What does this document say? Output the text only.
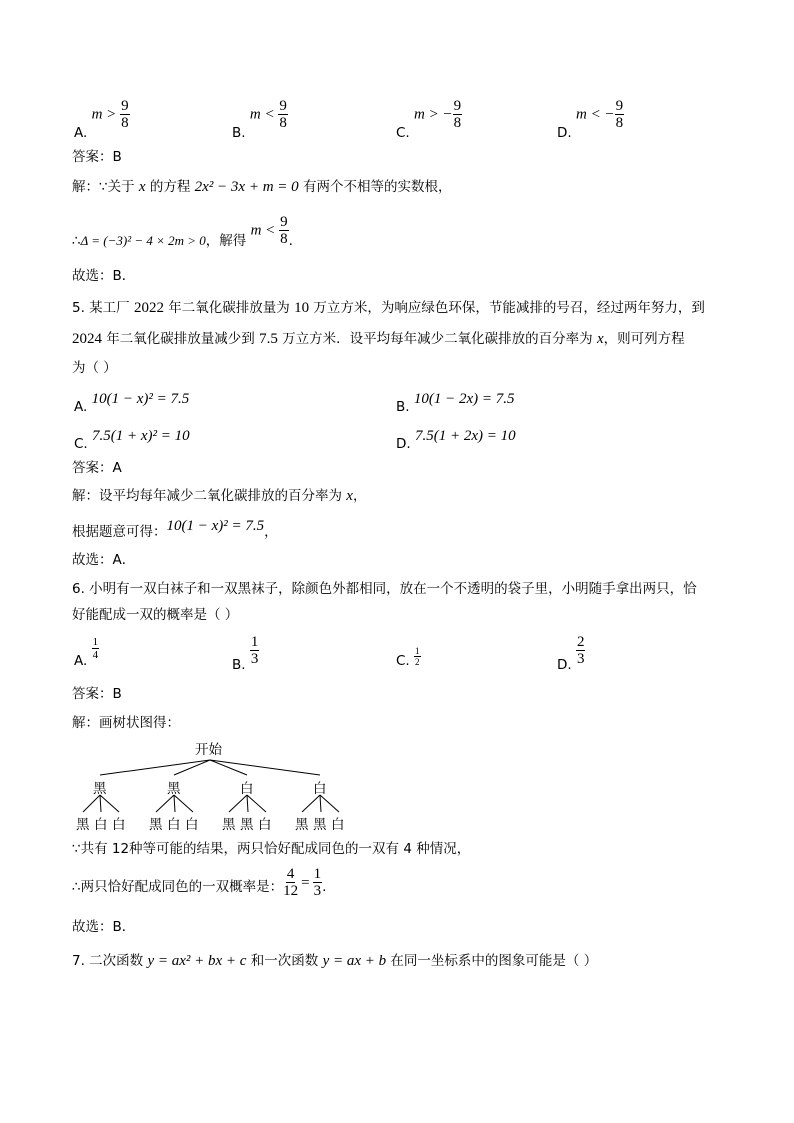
A. $m > \frac{9}{8}$
B. $m < \frac{9}{8}$
C. m > − $\frac{9}{8}$
D. m < − $\frac{9}{8}$
答案：B
解：∵关于 x 的方程 2x² − 3x + m = 0 有两个不相等的实数根，
∴Δ = (−3)² − 4 × 2m > 0，解得 $m < \frac{9}{8}$ .
故选：B．
5. 某工厂 2022 年二氧化碳排放量为 10 万立方米，为响应绿色环保，节能减排的号召，经过两年努力，到
2024 年二氧化碳排放量减少到 7.5 万立方米．设平均每年减少二氧化碳排放的百分率为 x，则可列方程
为（ ）
A. 10(1 − x)² = 7.5	B. 10(1 − 2x) = 7.5
C. 7.5(1 + x)² = 10	D. 7.5(1 + 2x) = 10
答案：A
解：设平均每年减少二氧化碳排放的百分率为 x，
根据题意可得：10(1 − x)² = 7.5，
故选：A．
6. 小明有一双白袜子和一双黑袜子，除颜色外都相同，放在一个不透明的袋子里，小明随手拿出两只，恰
好能配成一双的概率是（ ）
A. $\frac{1}{4}$
B. $\frac{1}{3}$	C. $\frac{1}{2}$	D. $\frac{2}{3}$
答案：B
解：画树状图得：
开始
黑	黑	白	白
黑 白 白 黑 白 白 黑 黑 白 黑 黑 白
∵共有 12种等可能的结果，两只恰好配成同色的一双有 4 种情况，
∴两只恰好配成同色的一双概率是： $\frac{4}{12} = \frac{1}{3}$ .
故选：B．
7. 二次函数 y = ax² + bx + c 和一次函数 y = ax + b 在同一坐标系中的图象可能是（ ）
